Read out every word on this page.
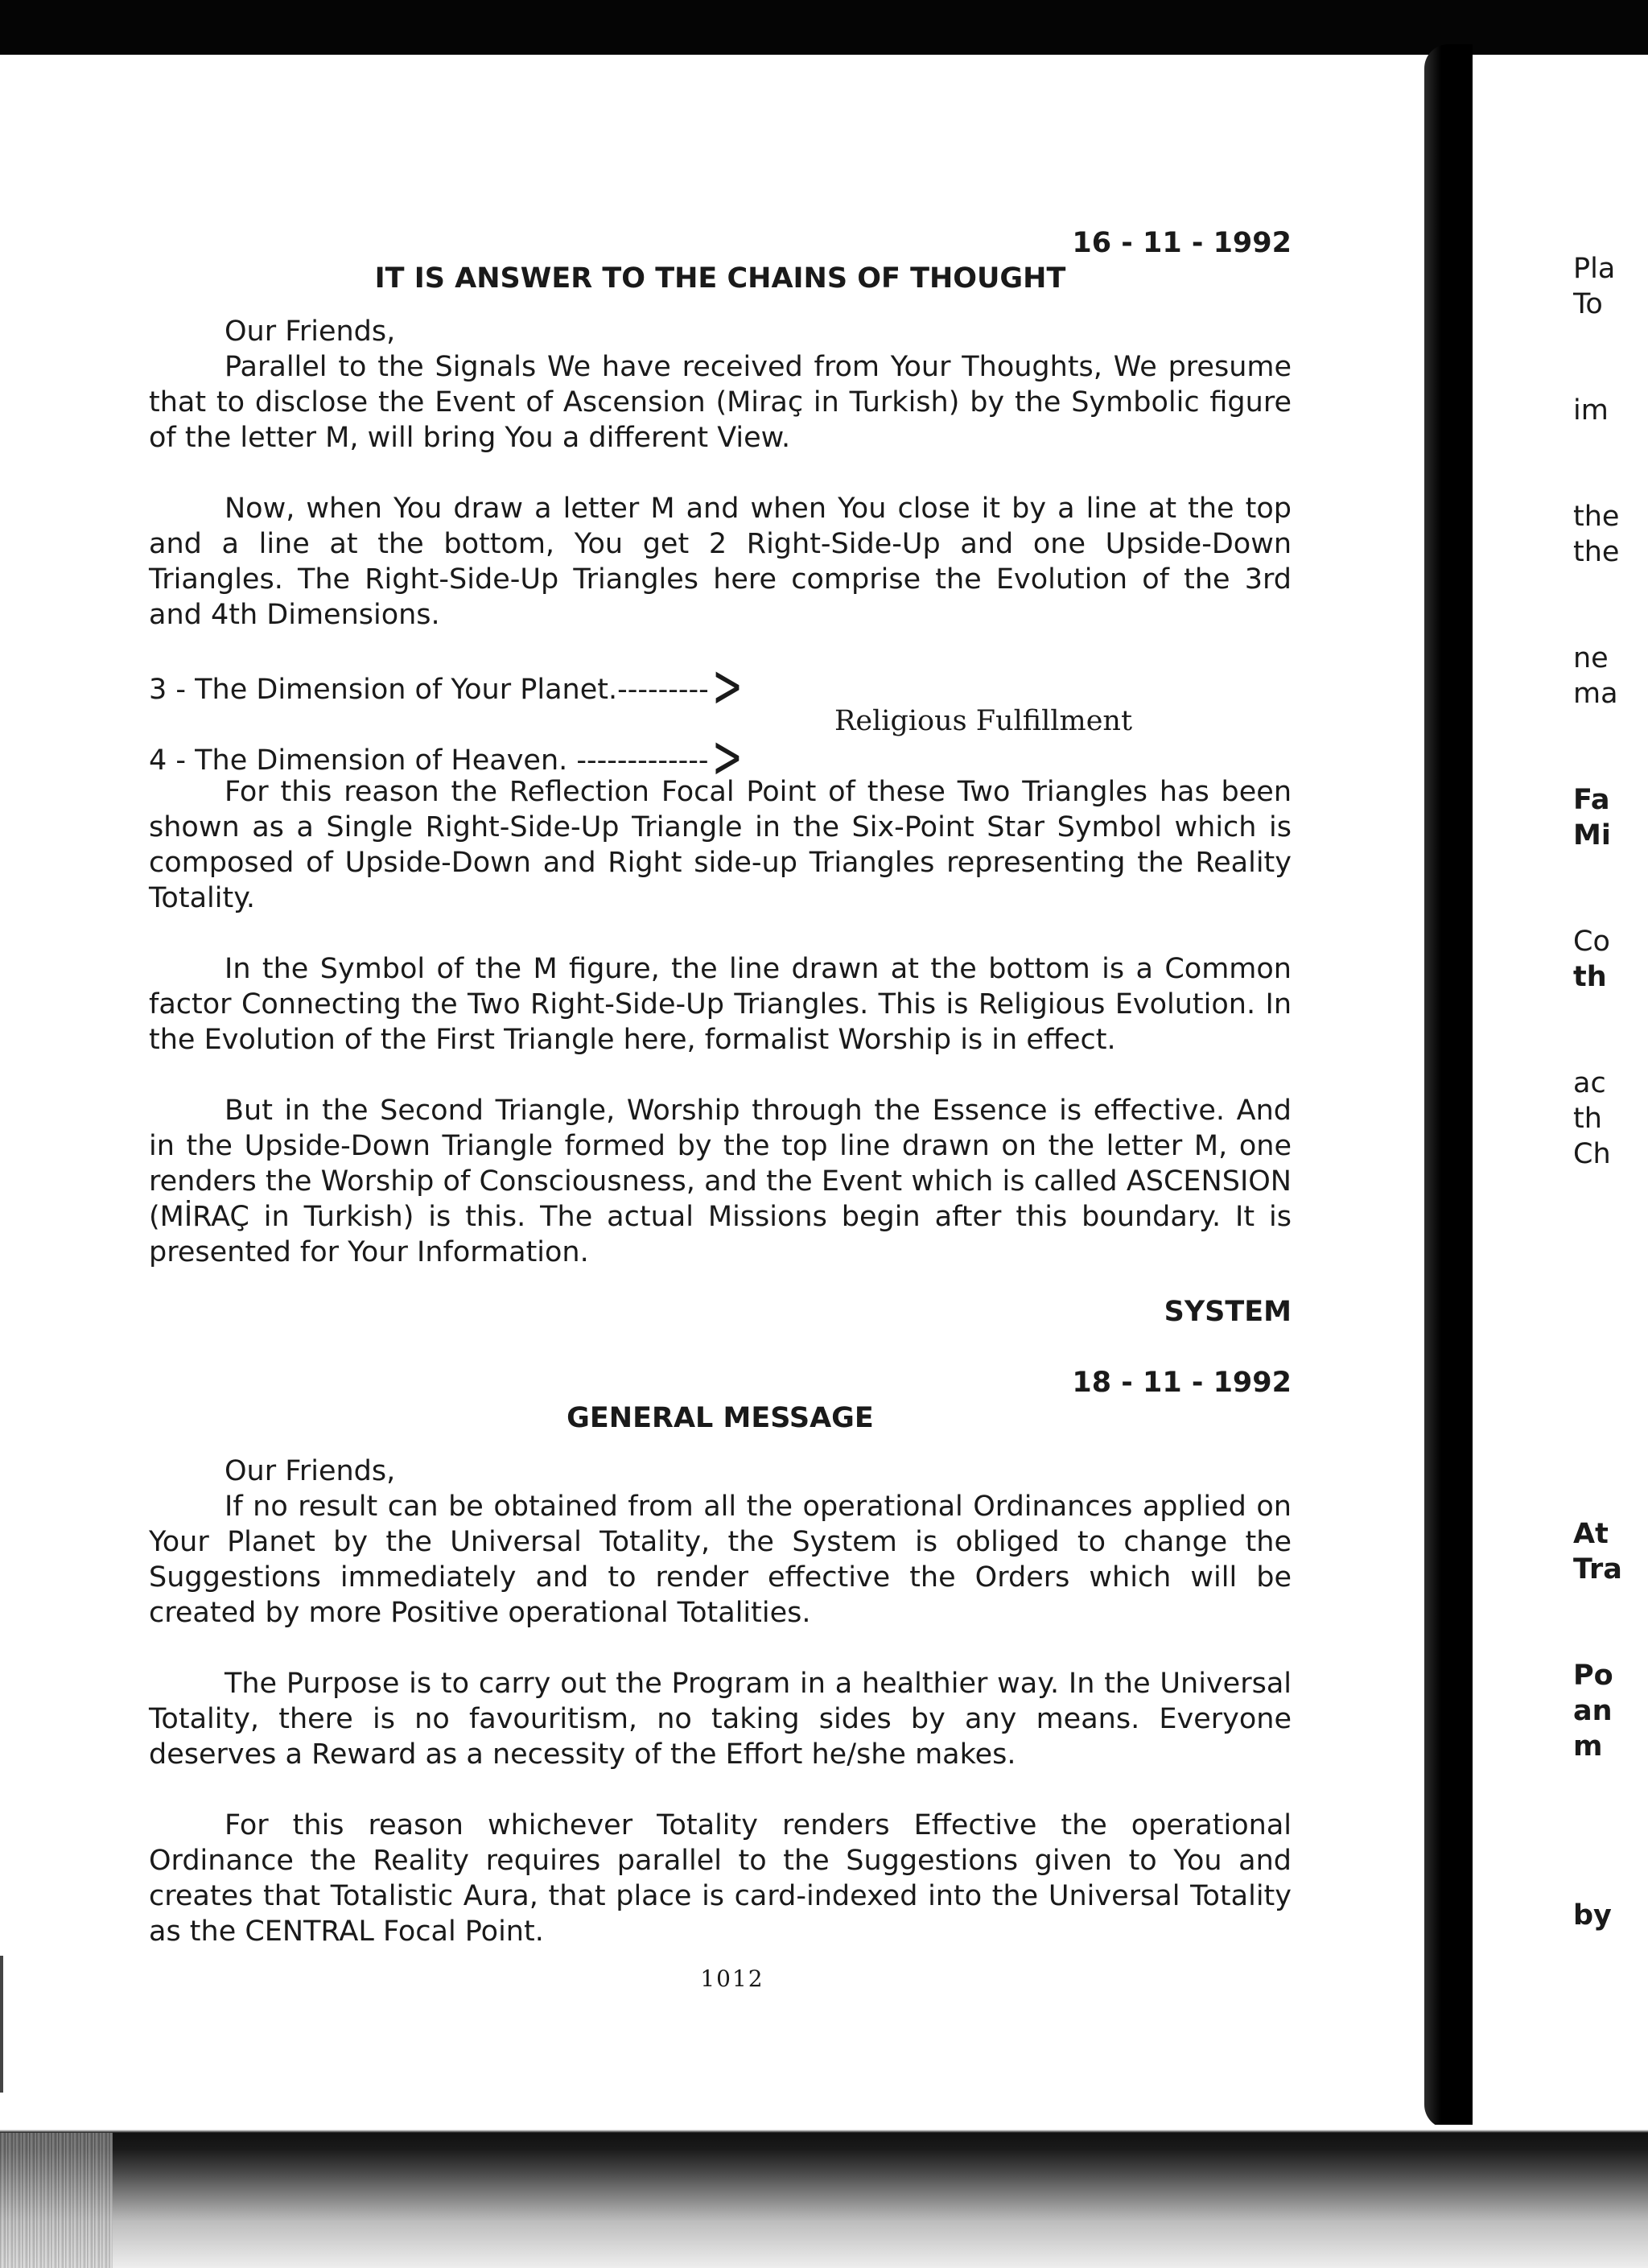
16 - 11 - 1992
IT IS ANSWER TO THE CHAINS OF THOUGHT
Our Friends,

Parallel to the Signals We have received from Your Thoughts, We presume that to disclose the Event of Ascension (Miraç in Turkish) by the Symbolic figure of the letter M, will bring You a different View.

Now, when You draw a letter M and when You close it by a line at the top and a line at the bottom, You get 2 Right-Side-Up and one Upside-Down Triangles. The Right-Side-Up Triangles here comprise the Evolution of the 3rd and 4th Dimensions.

3 - The Dimension of Your Planet.--------->
4 - The Dimension of Heaven. ------------->
Religious Fulfillment

For this reason the Reflection Focal Point of these Two Triangles has been shown as a Single Right-Side-Up Triangle in the Six-Point Star Symbol which is composed of Upside-Down and Right side-up Triangles representing the Reality Totality.

In the Symbol of the M figure, the line drawn at the bottom is a Common factor Connecting the Two Right-Side-Up Triangles. This is Religious Evolution. In the Evolution of the First Triangle here, formalist Worship is in effect.

But in the Second Triangle, Worship through the Essence is effective. And in the Upside-Down Triangle formed by the top line drawn on the letter M, one renders the Worship of Consciousness, and the Event which is called ASCENSION (MİRAÇ in Turkish) is this. The actual Missions begin after this boundary. It is presented for Your Information.

SYSTEM
18 - 11 - 1992
GENERAL MESSAGE
Our Friends,

If no result can be obtained from all the operational Ordinances applied on Your Planet by the Universal Totality, the System is obliged to change the Suggestions immediately and to render effective the Orders which will be created by more Positive operational Totalities.

The Purpose is to carry out the Program in a healthier way. In the Universal Totality, there is no favouritism, no taking sides by any means. Everyone deserves a Reward as a necessity of the Effort he/she makes.

For this reason whichever Totality renders Effective the operational Ordinance the Reality requires parallel to the Suggestions given to You and creates that Totalistic Aura, that place is card-indexed into the Universal Totality as the CENTRAL Focal Point.

1012
Pla
To
im
the
the
ne
ma
Fa
Mi
Co
th
ac
th
Ch
At
Tra
Po
an
m
by
